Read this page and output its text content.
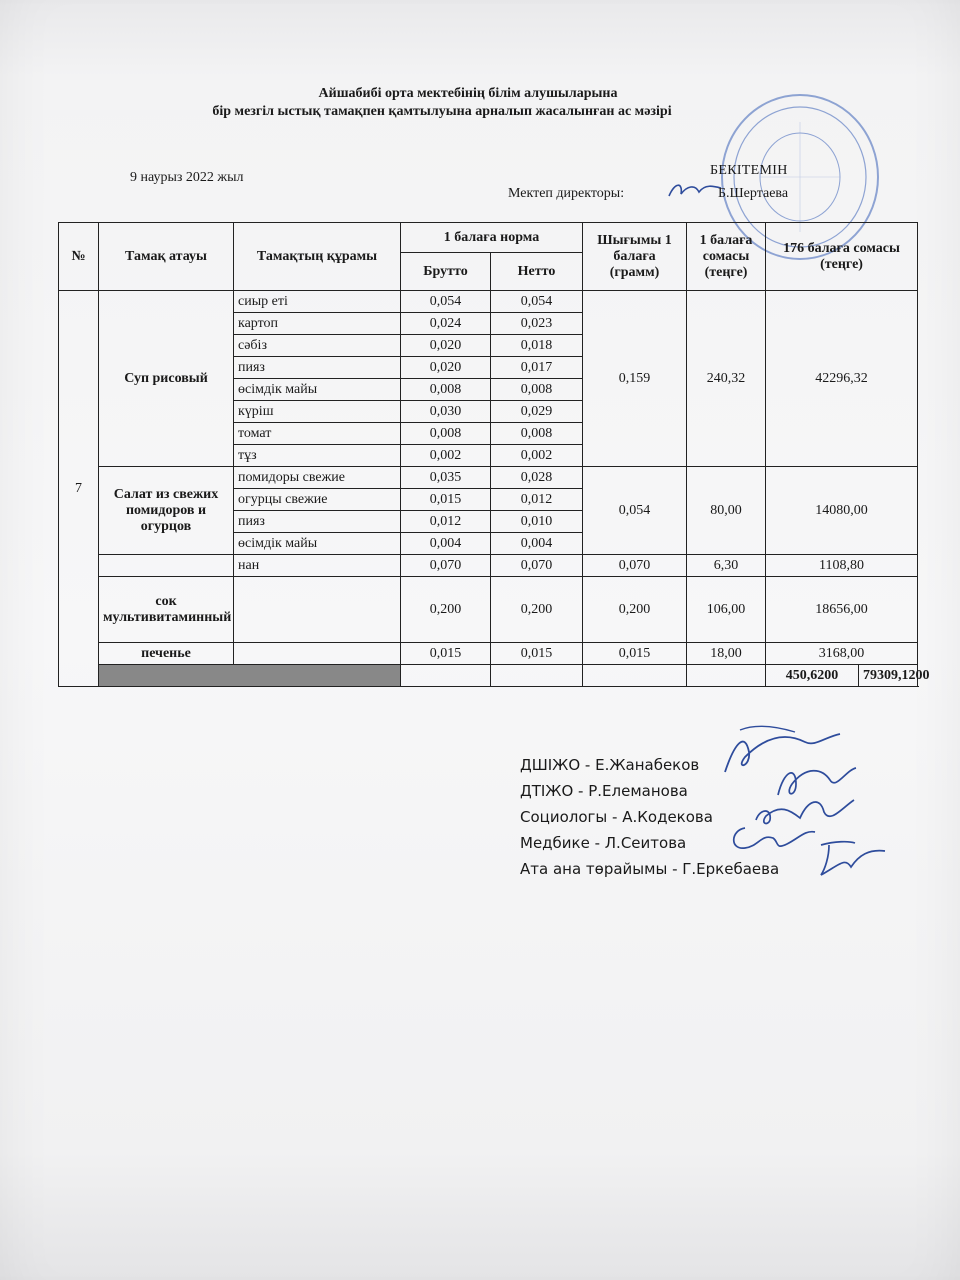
Айшабибі орта мектебінің білім алушыларына
бір мезгіл ыстық тамақпен қамтылуына арналып жасалынған ас мәзірі
9 наурыз 2022 жыл	БЕКІТЕМІН
Мектеп директоры:	Б.Шертаева
№	Тамақ атауы	Тамақтың құрамы	1 балаға норма		Шығымы 1 балаға (грамм)	1 балаға сомасы (теңге)	176 балаға сомасы (теңге)	
			Брутто	Нетто				
7	Суп рисовый	сиыр еті	0,054	0,054	0,159	240,32	42296,32	
		картоп	0,024	0,023				
		сәбіз	0,020	0,018				
		пияз	0,020	0,017				
		өсімдік майы	0,008	0,008				
		күріш	0,030	0,029				
		томат	0,008	0,008				
		тұз	0,002	0,002				
	Салат из свежих помидоров и огурцов	помидоры свежие	0,035	0,028	0,054	80,00	14080,00	
		огурцы свежие	0,015	0,012				
		пияз	0,012	0,010				
		өсімдік майы	0,004	0,004				
		нан	0,070	0,070	0,070	6,30	1108,80	
	сок мультивитаминный		0,200	0,200	0,200	106,00	18656,00	
	печенье		0,015	0,015	0,015	18,00	3168,00	
							450,6200	79309,1200
ДШІЖО - Е.Жанабеков
ДТІЖО - Р.Елеманова
Социологы - А.Кодекова
Медбике - Л.Сеитова
Ата ана төрайымы - Г.Еркебаева
